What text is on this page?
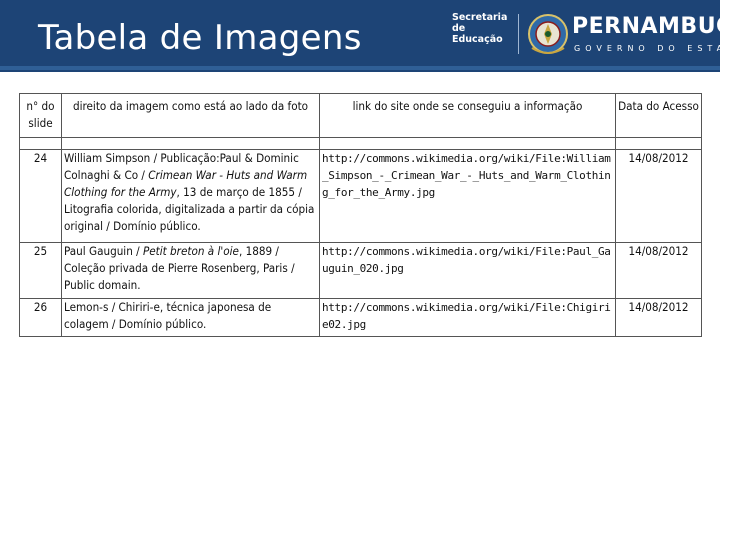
Tabela de Imagens
Secretaria de
Educação
PERNAMBUCO
GOVERNO DO ESTADO
n° do slide	direito da imagem como está ao lado da foto	link do site onde se conseguiu a informação	Data do Acesso

24	William Simpson / Publicação:Paul & Dominic Colnaghi & Co / Crimean War - Huts and Warm Clothing for the Army, 13 de março de 1855 / Litografia colorida, digitalizada a partir da cópia original / Domínio público.	http://commons.wikimedia.org/wiki/File:William_Simpson_-_Crimean_War_-_Huts_and_Warm_Clothing_for_the_Army.jpg	14/08/2012
25	Paul Gauguin / Petit breton à l'oie, 1889 / Coleção privada de Pierre Rosenberg, Paris / Public domain.	http://commons.wikimedia.org/wiki/File:Paul_Gauguin_020.jpg	14/08/2012
26	Lemon-s / Chiriri-e, técnica japonesa de colagem / Domínio público.	http://commons.wikimedia.org/wiki/File:Chigirie02.jpg	14/08/2012
